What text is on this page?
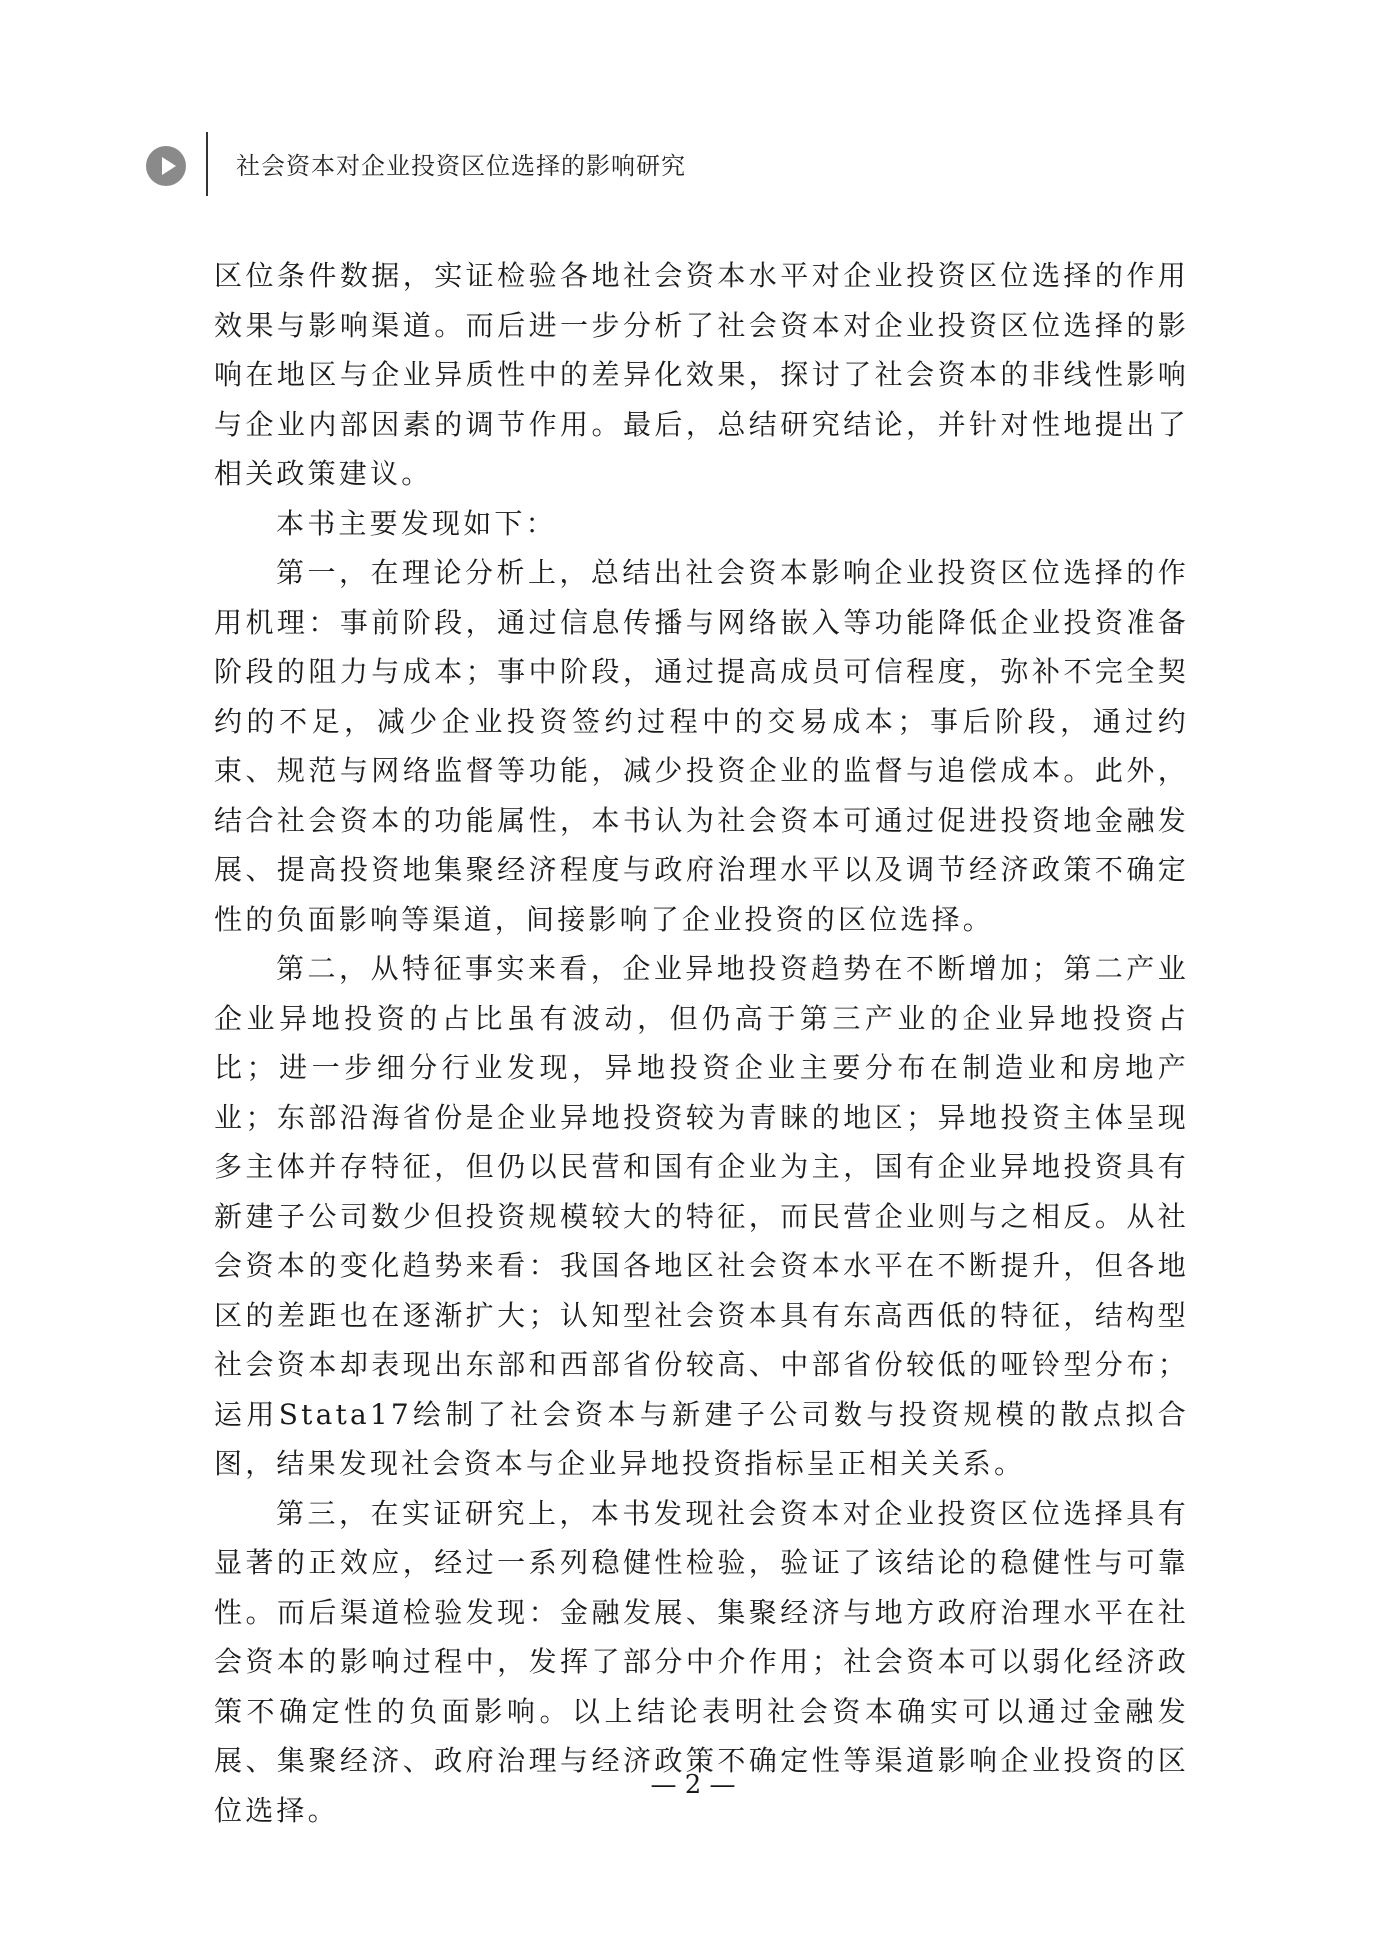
社会资本对企业投资区位选择的影响研究

区位条件数据，实证检验各地社会资本水平对企业投资区位选择的作用效果与影响渠道。而后进一步分析了社会资本对企业投资区位选择的影响在地区与企业异质性中的差异化效果，探讨了社会资本的非线性影响与企业内部因素的调节作用。最后，总结研究结论，并针对性地提出了相关政策建议。

本书主要发现如下：

第一，在理论分析上，总结出社会资本影响企业投资区位选择的作用机理：事前阶段，通过信息传播与网络嵌入等功能降低企业投资准备阶段的阻力与成本；事中阶段，通过提高成员可信程度，弥补不完全契约的不足，减少企业投资签约过程中的交易成本；事后阶段，通过约束、规范与网络监督等功能，减少投资企业的监督与追偿成本。此外，结合社会资本的功能属性，本书认为社会资本可通过促进投资地金融发展、提高投资地集聚经济程度与政府治理水平以及调节经济政策不确定性的负面影响等渠道，间接影响了企业投资的区位选择。

第二，从特征事实来看，企业异地投资趋势在不断增加；第二产业企业异地投资的占比虽有波动，但仍高于第三产业的企业异地投资占比；进一步细分行业发现，异地投资企业主要分布在制造业和房地产业；东部沿海省份是企业异地投资较为青睐的地区；异地投资主体呈现多主体并存特征，但仍以民营和国有企业为主，国有企业异地投资具有新建子公司数少但投资规模较大的特征，而民营企业则与之相反。从社会资本的变化趋势来看：我国各地区社会资本水平在不断提升，但各地区的差距也在逐渐扩大；认知型社会资本具有东高西低的特征，结构型社会资本却表现出东部和西部省份较高、中部省份较低的哑铃型分布；运用Stata17绘制了社会资本与新建子公司数与投资规模的散点拟合图，结果发现社会资本与企业异地投资指标呈正相关关系。

第三，在实证研究上，本书发现社会资本对企业投资区位选择具有显著的正效应，经过一系列稳健性检验，验证了该结论的稳健性与可靠性。而后渠道检验发现：金融发展、集聚经济与地方政府治理水平在社会资本的影响过程中，发挥了部分中介作用；社会资本可以弱化经济政策不确定性的负面影响。以上结论表明社会资本确实可以通过金融发展、集聚经济、政府治理与经济政策不确定性等渠道影响企业投资的区位选择。

— 2 —
